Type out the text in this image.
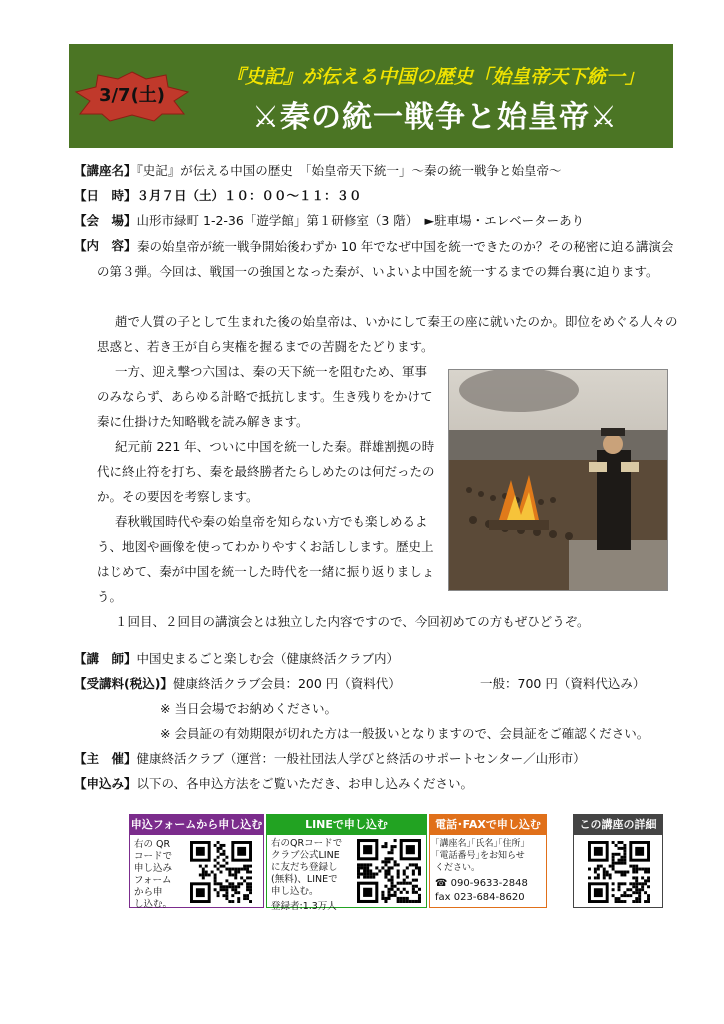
3/7(土)
『史記』が伝える中国の歴史「始皇帝天下統一」
⚔秦の統一戦争と始皇帝⚔
【講座名】『史記』が伝える中国の歴史　「始皇帝天下統一」～秦の統一戦争と始皇帝～
【日　時】３月７日（土）１０：００～１１：３０
【会　場】山形市緑町 1-2-36「遊学館」第１研修室（3 階）　►駐車場・エレベーターあり
【内　容】 秦の始皇帝が統一戦争開始後わずか 10 年でなぜ中国を統一できたのか？その秘密に迫る講演会の第３弾。今回は、戦国一の強国となった秦が、いよいよ中国を統一するまでの舞台裏に迫ります。
趙で人質の子として生まれた後の始皇帝は、いかにして秦王の座に就いたのか。即位をめぐる人々の思惑と、若き王が自ら実権を握るまでの苦闘をたどります。
一方、迎え撃つ六国は、秦の天下統一を阻むため、軍事のみならず、あらゆる計略で抵抗します。生き残りをかけて秦に仕掛けた知略戦を読み解きます。
紀元前 221 年、ついに中国を統一した秦。群雄割拠の時代に終止符を打ち、秦を最終勝者たらしめたのは何だったのか。その要因を考察します。
春秋戦国時代や秦の始皇帝を知らない方でも楽しめるよう、地図や画像を使ってわかりやすくお話しします。歴史上はじめて、秦が中国を統一した時代を一緒に振り返りましょう。
１回目、２回目の講演会とは独立した内容ですので、今回初めての方もぜひどうぞ。
【講　師】中国史まるごと楽しむ会（健康終活クラブ内）
【受講料(税込)】健康終活クラブ会員：200 円（資料代）	一般：700 円（資料代込み）
※ 当日会場でお納めください。
※ 会員証の有効期限が切れた方は一般扱いとなりますので、会員証をご確認ください。
【主　催】健康終活クラブ（運営：一般社団法人学びと終活のサポートセンター／山形市）
【申込み】以下の、各申込方法をご覧いただき、お申し込みください。
申込フォームから申し込む
右の QR
コードで
申し込み
フォーム
から申
し込む。
LINEで申し込む
右のQRコードで
クラブ公式LINE
に友だち登録し
(無料)、LINEで
申し込む。
登録者:1.3万人
電話･FAXで申し込む
｢講座名｣｢氏名｣｢住所｣
｢電話番号｣をお知らせ
ください。
☎ 090-9633-2848
fax 023-684-8620
この講座の詳細
